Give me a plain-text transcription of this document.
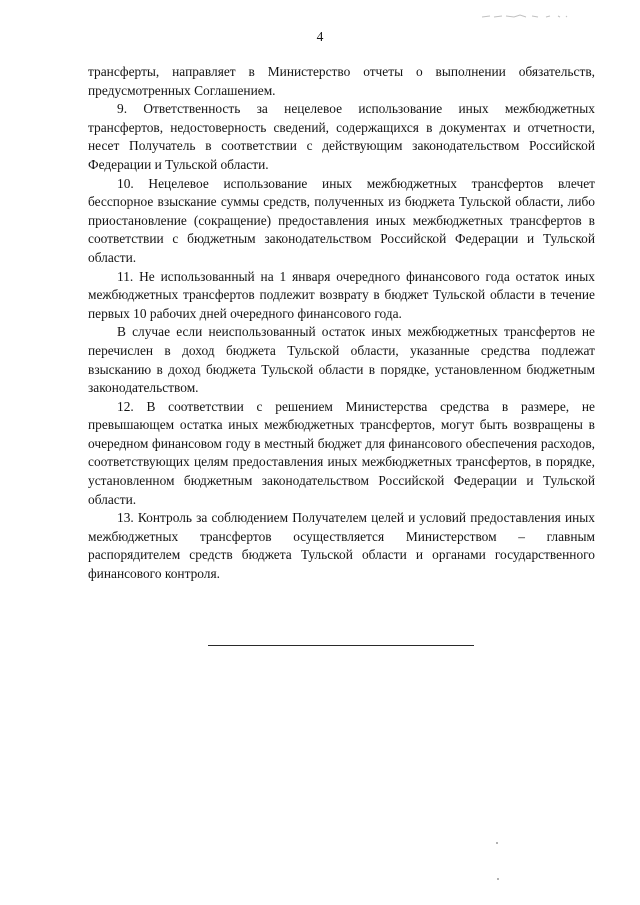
4

трансферты, направляет в Министерство отчеты о выполнении обязательств, предусмотренных Соглашением.

9. Ответственность за нецелевое использование иных межбюджетных трансфертов, недостоверность сведений, содержащихся в документах и отчетности, несет Получатель в соответствии с действующим законодательством Российской Федерации и Тульской области.

10. Нецелевое использование иных межбюджетных трансфертов влечет бесспорное взыскание суммы средств, полученных из бюджета Тульской области, либо приостановление (сокращение) предоставления иных межбюджетных трансфертов в соответствии с бюджетным законодательством Российской Федерации и Тульской области.

11. Не использованный на 1 января очередного финансового года остаток иных межбюджетных трансфертов подлежит возврату в бюджет Тульской области в течение первых 10 рабочих дней очередного финансового года.

В случае если неиспользованный остаток иных межбюджетных трансфертов не перечислен в доход бюджета Тульской области, указанные средства подлежат взысканию в доход бюджета Тульской области в порядке, установленном бюджетным законодательством.

12. В соответствии с решением Министерства средства в размере, не превышающем остатка иных межбюджетных трансфертов, могут быть возвращены в очередном финансовом году в местный бюджет для финансового обеспечения расходов, соответствующих целям предоставления иных межбюджетных трансфертов, в порядке, установленном бюджетным законодательством Российской Федерации и Тульской области.

13. Контроль за соблюдением Получателем целей и условий предоставления иных межбюджетных трансфертов осуществляется Министерством – главным распорядителем средств бюджета Тульской области и органами государственного финансового контроля.
